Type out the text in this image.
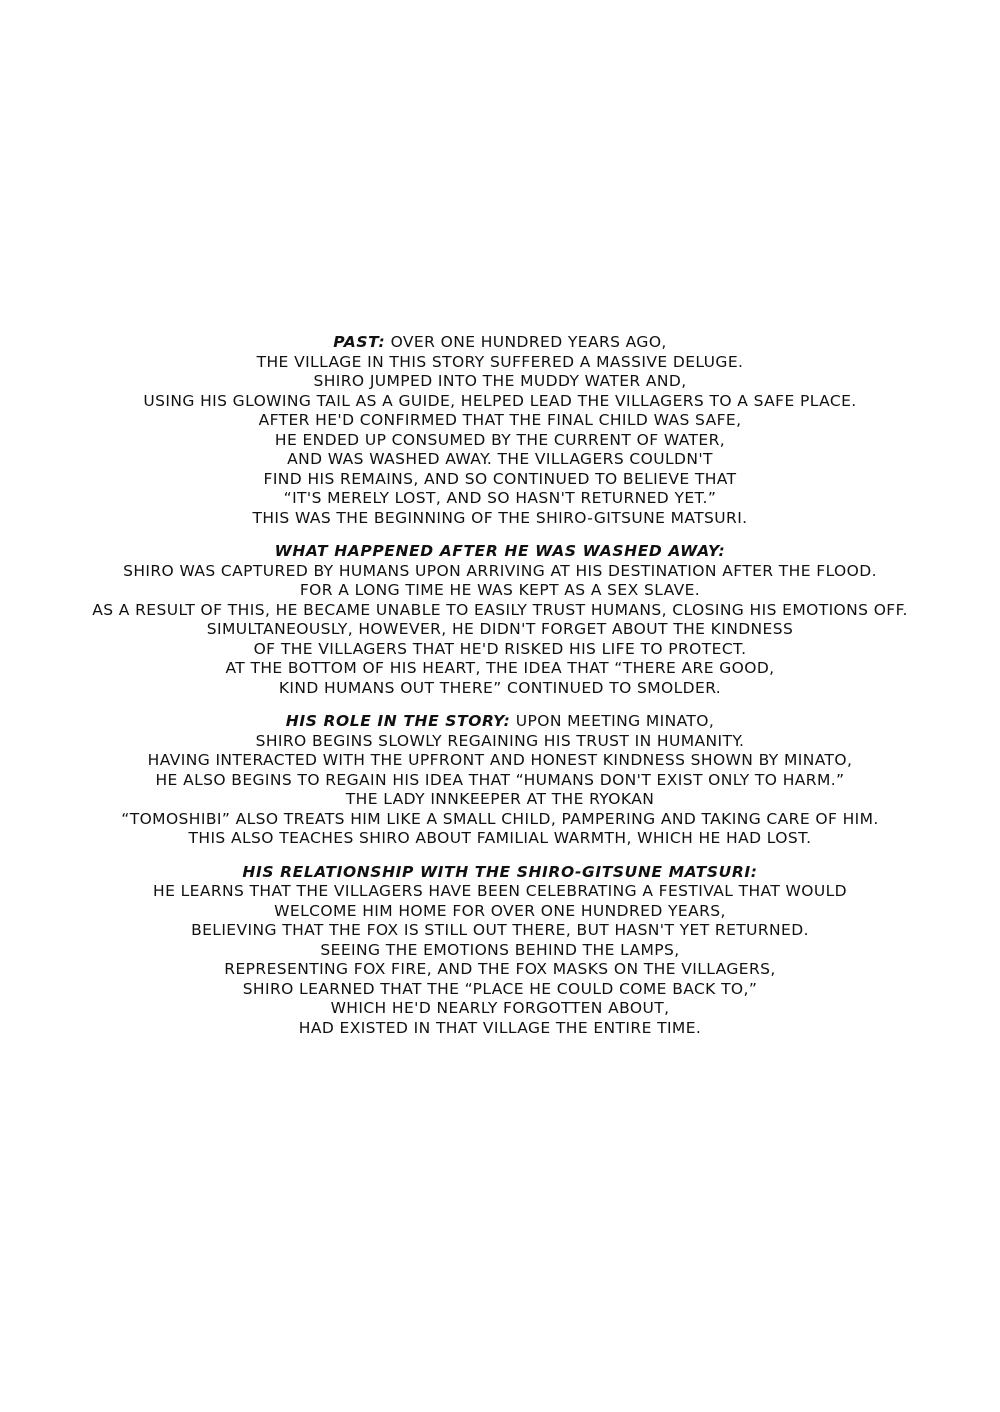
PAST: OVER ONE HUNDRED YEARS AGO,
THE VILLAGE IN THIS STORY SUFFERED A MASSIVE DELUGE.
SHIRO JUMPED INTO THE MUDDY WATER AND,
USING HIS GLOWING TAIL AS A GUIDE, HELPED LEAD THE VILLAGERS TO A SAFE PLACE.
AFTER HE'D CONFIRMED THAT THE FINAL CHILD WAS SAFE,
HE ENDED UP CONSUMED BY THE CURRENT OF WATER,
AND WAS WASHED AWAY. THE VILLAGERS COULDN'T
FIND HIS REMAINS, AND SO CONTINUED TO BELIEVE THAT
“IT'S MERELY LOST, AND SO HASN'T RETURNED YET.”
THIS WAS THE BEGINNING OF THE SHIRO-GITSUNE MATSURI.
WHAT HAPPENED AFTER HE WAS WASHED AWAY:
SHIRO WAS CAPTURED BY HUMANS UPON ARRIVING AT HIS DESTINATION AFTER THE FLOOD.
FOR A LONG TIME HE WAS KEPT AS A SEX SLAVE.
AS A RESULT OF THIS, HE BECAME UNABLE TO EASILY TRUST HUMANS, CLOSING HIS EMOTIONS OFF.
SIMULTANEOUSLY, HOWEVER, HE DIDN'T FORGET ABOUT THE KINDNESS
OF THE VILLAGERS THAT HE'D RISKED HIS LIFE TO PROTECT.
AT THE BOTTOM OF HIS HEART, THE IDEA THAT “THERE ARE GOOD,
KIND HUMANS OUT THERE” CONTINUED TO SMOLDER.
HIS ROLE IN THE STORY: UPON MEETING MINATO,
SHIRO BEGINS SLOWLY REGAINING HIS TRUST IN HUMANITY.
HAVING INTERACTED WITH THE UPFRONT AND HONEST KINDNESS SHOWN BY MINATO,
HE ALSO BEGINS TO REGAIN HIS IDEA THAT “HUMANS DON'T EXIST ONLY TO HARM.”
THE LADY INNKEEPER AT THE RYOKAN
“TOMOSHIBI” ALSO TREATS HIM LIKE A SMALL CHILD, PAMPERING AND TAKING CARE OF HIM.
THIS ALSO TEACHES SHIRO ABOUT FAMILIAL WARMTH, WHICH HE HAD LOST.
HIS RELATIONSHIP WITH THE SHIRO-GITSUNE MATSURI:
HE LEARNS THAT THE VILLAGERS HAVE BEEN CELEBRATING A FESTIVAL THAT WOULD
WELCOME HIM HOME FOR OVER ONE HUNDRED YEARS,
BELIEVING THAT THE FOX IS STILL OUT THERE, BUT HASN'T YET RETURNED.
SEEING THE EMOTIONS BEHIND THE LAMPS,
REPRESENTING FOX FIRE, AND THE FOX MASKS ON THE VILLAGERS,
SHIRO LEARNED THAT THE “PLACE HE COULD COME BACK TO,”
WHICH HE'D NEARLY FORGOTTEN ABOUT,
HAD EXISTED IN THAT VILLAGE THE ENTIRE TIME.
